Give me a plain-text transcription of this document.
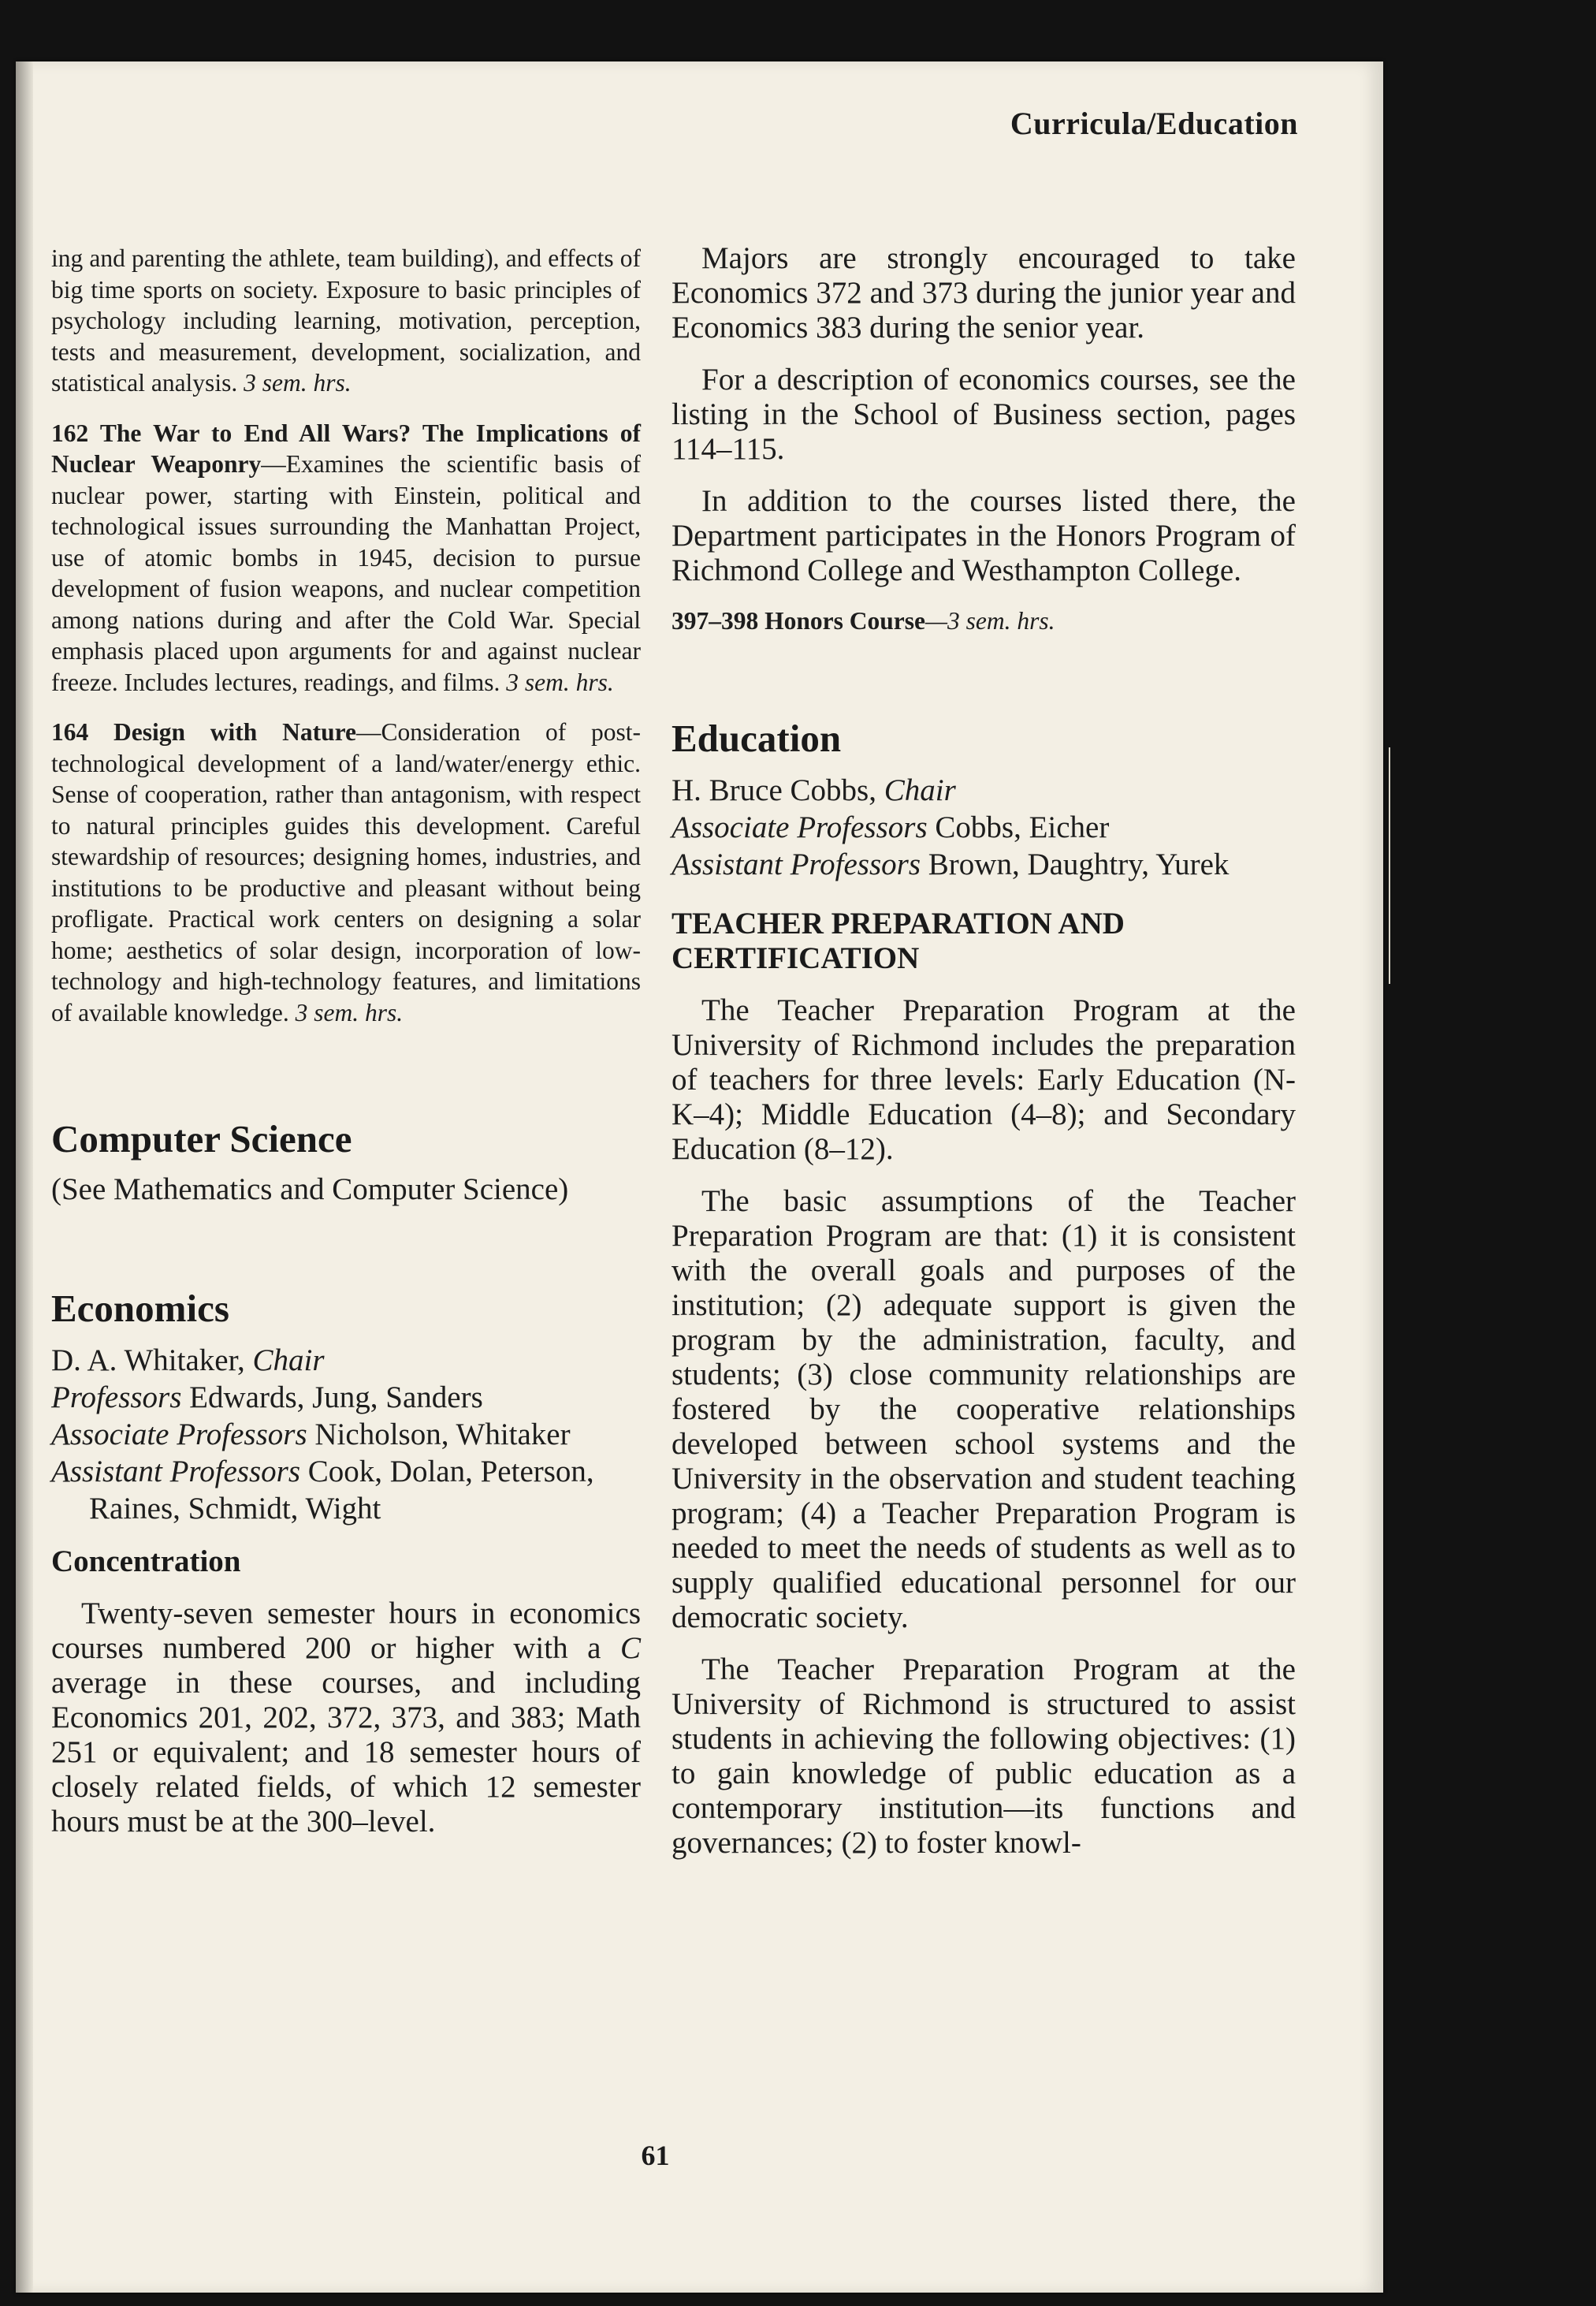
Curricula/Education

ing and parenting the athlete, team building), and effects of big time sports on society. Exposure to basic principles of psychology including learning, motivation, perception, tests and measurement, development, socialization, and statistical analysis. 3 sem. hrs.

162 The War to End All Wars? The Implications of Nuclear Weaponry—Examines the scientific basis of nuclear power, starting with Einstein, political and technological issues surrounding the Manhattan Project, use of atomic bombs in 1945, decision to pursue development of fusion weapons, and nuclear competition among nations during and after the Cold War. Special emphasis placed upon arguments for and against nuclear freeze. Includes lectures, readings, and films. 3 sem. hrs.

164 Design with Nature—Consideration of post-technological development of a land/water/energy ethic. Sense of cooperation, rather than antagonism, with respect to natural principles guides this development. Careful stewardship of resources; designing homes, industries, and institutions to be productive and pleasant without being profligate. Practical work centers on designing a solar home; aesthetics of solar design, incorporation of low-technology and high-technology features, and limitations of available knowledge. 3 sem. hrs.

Computer Science

(See Mathematics and Computer Science)

Economics
D. A. Whitaker, Chair
Professors Edwards, Jung, Sanders
Associate Professors Nicholson, Whitaker
Assistant Professors Cook, Dolan, Peterson, Raines, Schmidt, Wight
Concentration

Twenty-seven semester hours in economics courses numbered 200 or higher with a C average in these courses, and including Economics 201, 202, 372, 373, and 383; Math 251 or equivalent; and 18 semester hours of closely related fields, of which 12 semester hours must be at the 300–level.

Majors are strongly encouraged to take Economics 372 and 373 during the junior year and Economics 383 during the senior year.

For a description of economics courses, see the listing in the School of Business section, pages 114–115.

In addition to the courses listed there, the Department participates in the Honors Program of Richmond College and Westhampton College.

397–398 Honors Course—3 sem. hrs.

Education
H. Bruce Cobbs, Chair
Associate Professors Cobbs, Eicher
Assistant Professors Brown, Daughtry, Yurek
TEACHER PREPARATION AND CERTIFICATION

The Teacher Preparation Program at the University of Richmond includes the preparation of teachers for three levels: Early Education (N-K–4); Middle Education (4–8); and Secondary Education (8–12).

The basic assumptions of the Teacher Preparation Program are that: (1) it is consistent with the overall goals and purposes of the institution; (2) adequate support is given the program by the administration, faculty, and students; (3) close community relationships are fostered by the cooperative relationships developed between school systems and the University in the observation and student teaching program; (4) a Teacher Preparation Program is needed to meet the needs of students as well as to supply qualified educational personnel for our democratic society.

The Teacher Preparation Program at the University of Richmond is structured to assist students in achieving the following objectives: (1) to gain knowledge of public education as a contemporary institution—its functions and governances; (2) to foster knowl-

61
